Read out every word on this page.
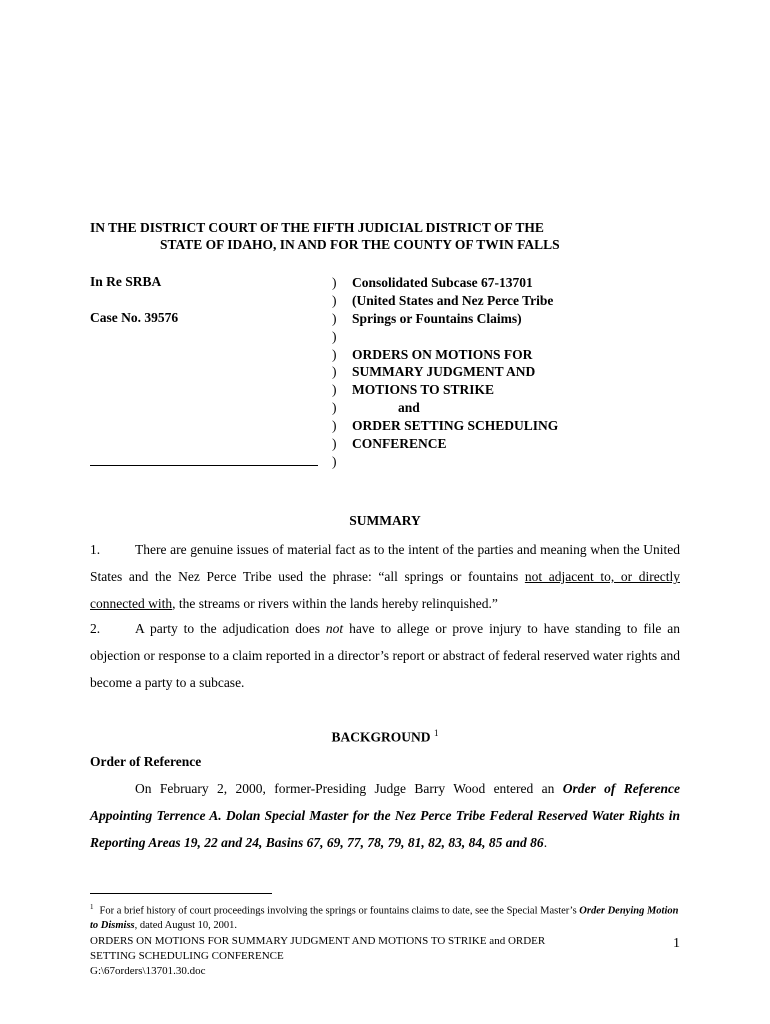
IN THE DISTRICT COURT OF THE FIFTH JUDICIAL DISTRICT OF THE
STATE OF IDAHO, IN AND FOR THE COUNTY OF TWIN FALLS
In Re SRBA
Case No. 39576
)
)
)
)
)
)
)
)
)
)
)
Consolidated Subcase 67-13701
(United States and Nez Perce Tribe
Springs or Fountains Claims)
ORDERS ON MOTIONS FOR
SUMMARY JUDGMENT AND
MOTIONS TO STRIKE
and
ORDER SETTING SCHEDULING
CONFERENCE
SUMMARY
1.	There are genuine issues of material fact as to the intent of the parties and meaning when the United States and the Nez Perce Tribe used the phrase: “all springs or fountains not adjacent to, or directly connected with, the streams or rivers within the lands hereby relinquished.”
2.	A party to the adjudication does not have to allege or prove injury to have standing to file an objection or response to a claim reported in a director’s report or abstract of federal reserved water rights and become a party to a subcase.
BACKGROUND $^1$
Order of Reference
On February 2, 2000, former-Presiding Judge Barry Wood entered an Order of Reference Appointing Terrence A. Dolan Special Master for the Nez Perce Tribe Federal Reserved Water Rights in Reporting Areas 19, 22 and 24, Basins 67, 69, 77, 78, 79, 81, 82, 83, 84, 85 and 86.
$^1$ For a brief history of court proceedings involving the springs or fountains claims to date, see the Special Master’s Order Denying Motion to Dismiss, dated August 10, 2001.
ORDERS ON MOTIONS FOR SUMMARY JUDGMENT AND MOTIONS TO STRIKE and ORDER
SETTING SCHEDULING CONFERENCE
G:\67orders\13701.30.doc
1
